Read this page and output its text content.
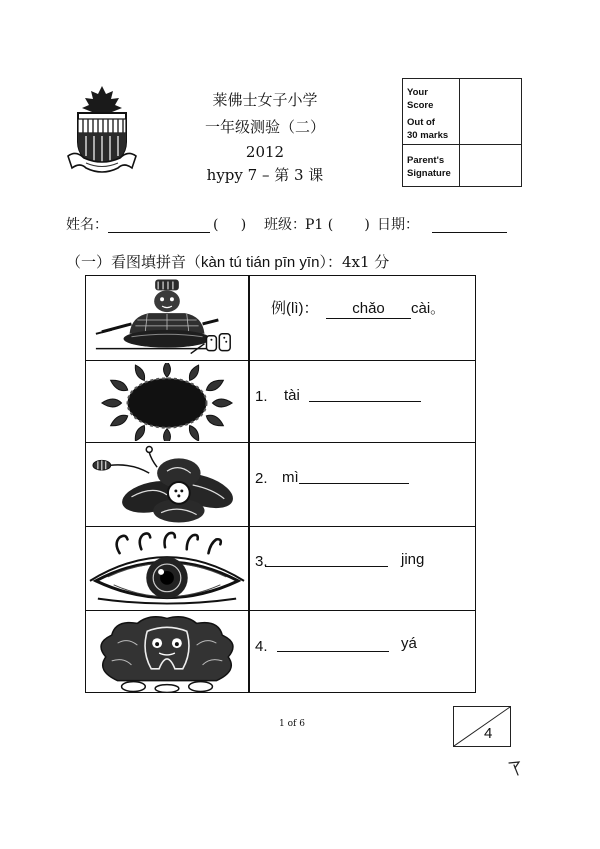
莱佛士女子小学
一年级测验（二）
2012
hypy 7 – 第 3 课
Your
Score
Out of
30 marks
Parent's
Signature
姓名：	(     ) 班级： P1 (       ) 日期：
（一）看图填拼音（kàn tú tián pīn yīn）：4x1 分
例(lì)：	chǎo	cài。
1. tài
2. mì
3.	jing
4.	yá
1 of 6
4
